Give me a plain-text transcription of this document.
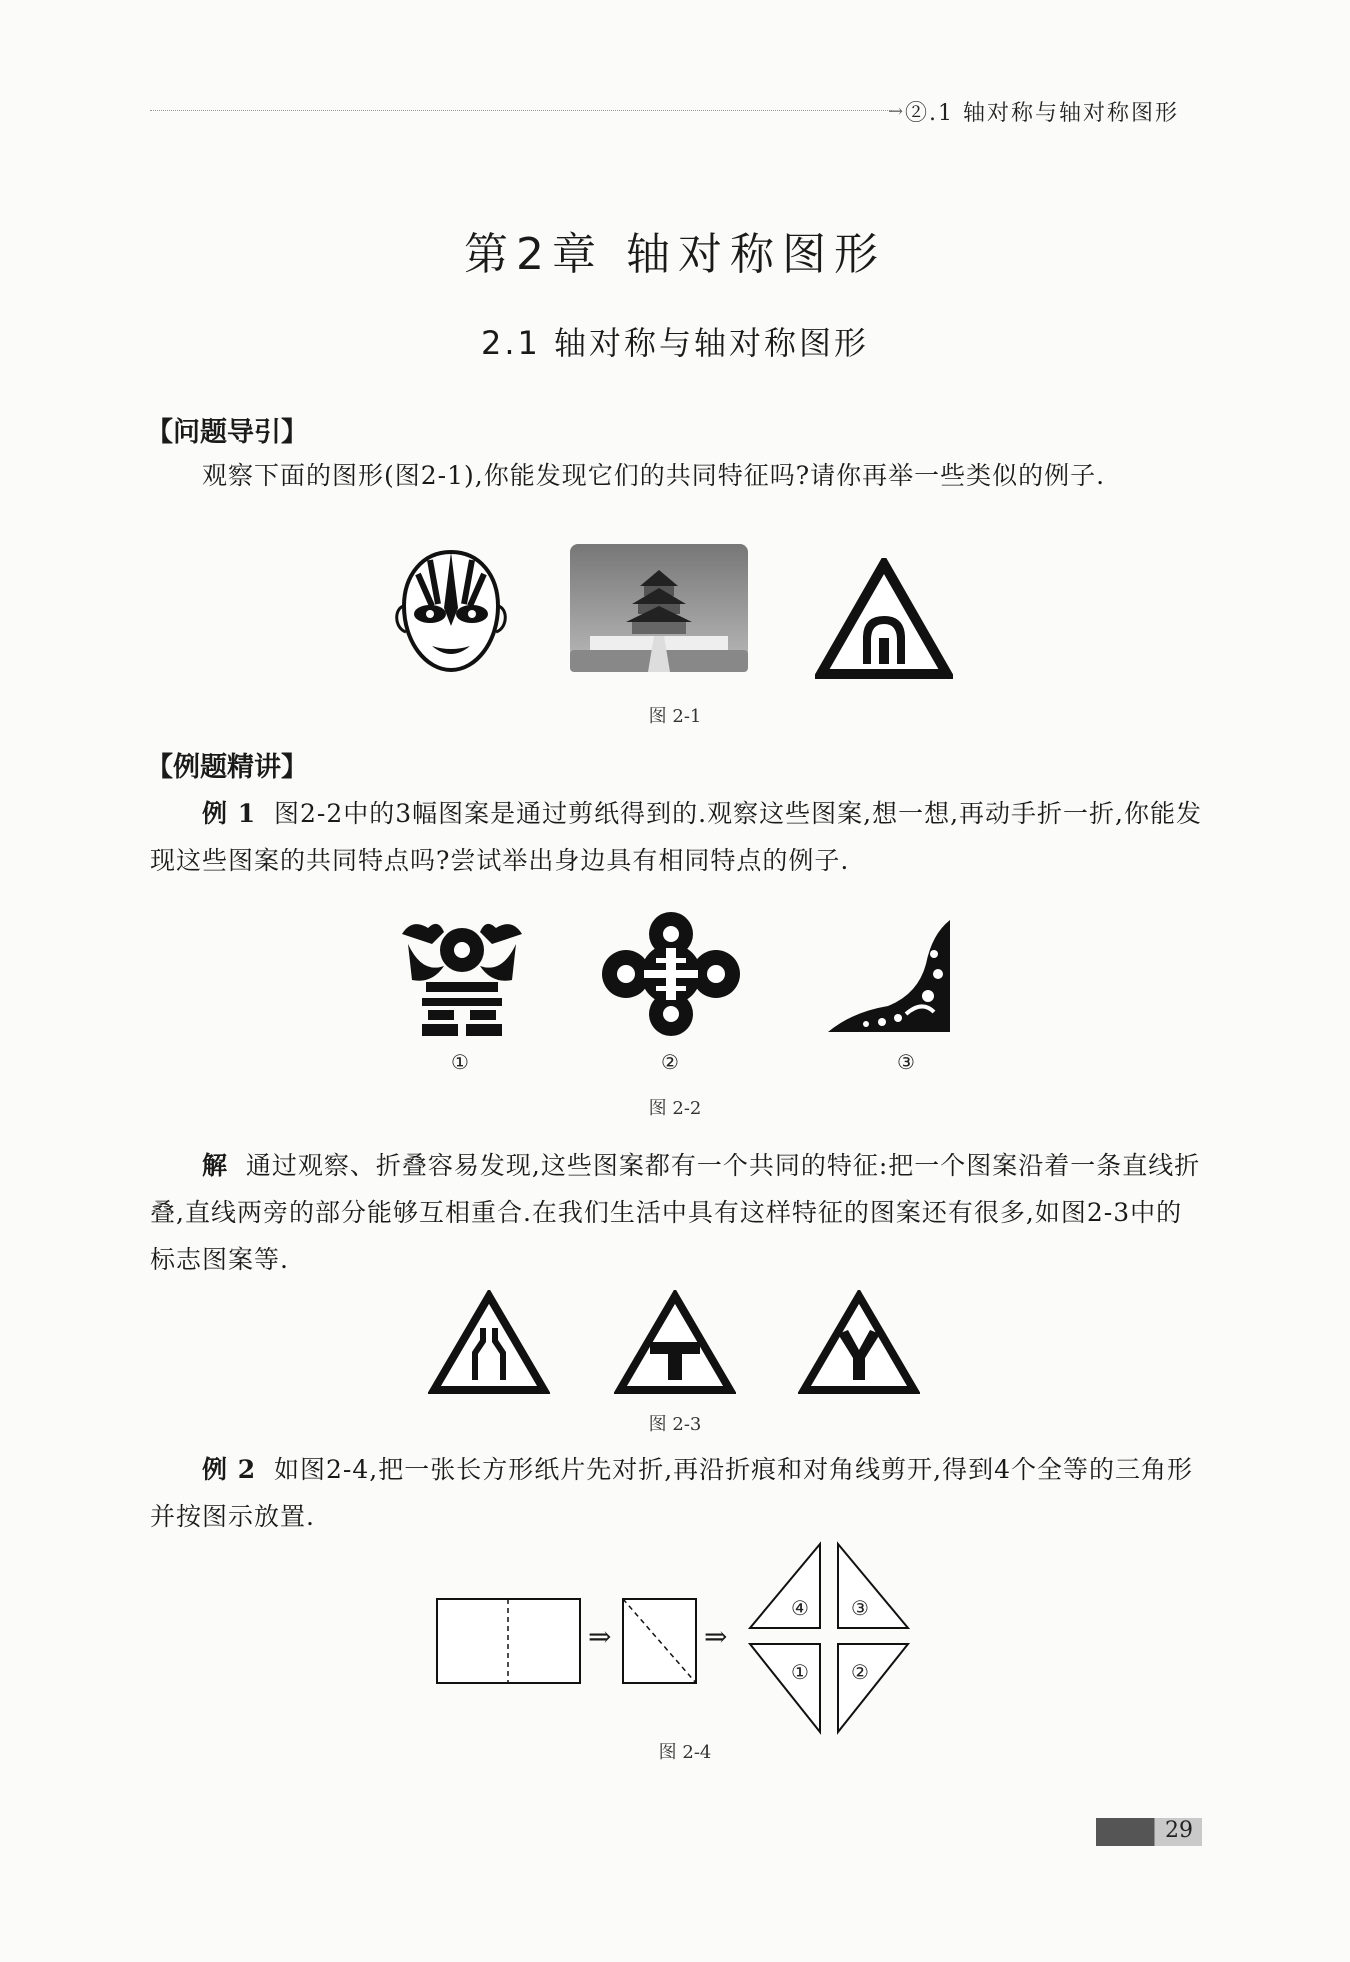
→ ②.1 轴对称与轴对称图形
第2章 轴对称图形
2.1 轴对称与轴对称图形
【问题导引】
观察下面的图形(图2-1),你能发现它们的共同特征吗?请你再举一些类似的例子.
图 2-1
【例题精讲】
例 1 图2-2中的3幅图案是通过剪纸得到的.观察这些图案,想一想,再动手折一折,你能发现这些图案的共同特点吗?尝试举出身边具有相同特点的例子.
①	②	③
图 2-2
解 通过观察、折叠容易发现,这些图案都有一个共同的特征:把一个图案沿着一条直线折叠,直线两旁的部分能够互相重合.在我们生活中具有这样特征的图案还有很多,如图2-3中的标志图案等.
图 2-3
例 2 如图2-4,把一张长方形纸片先对折,再沿折痕和对角线剪开,得到4个全等的三角形并按图示放置.
⇒	⇒
④	③
①	②
图 2-4
29
